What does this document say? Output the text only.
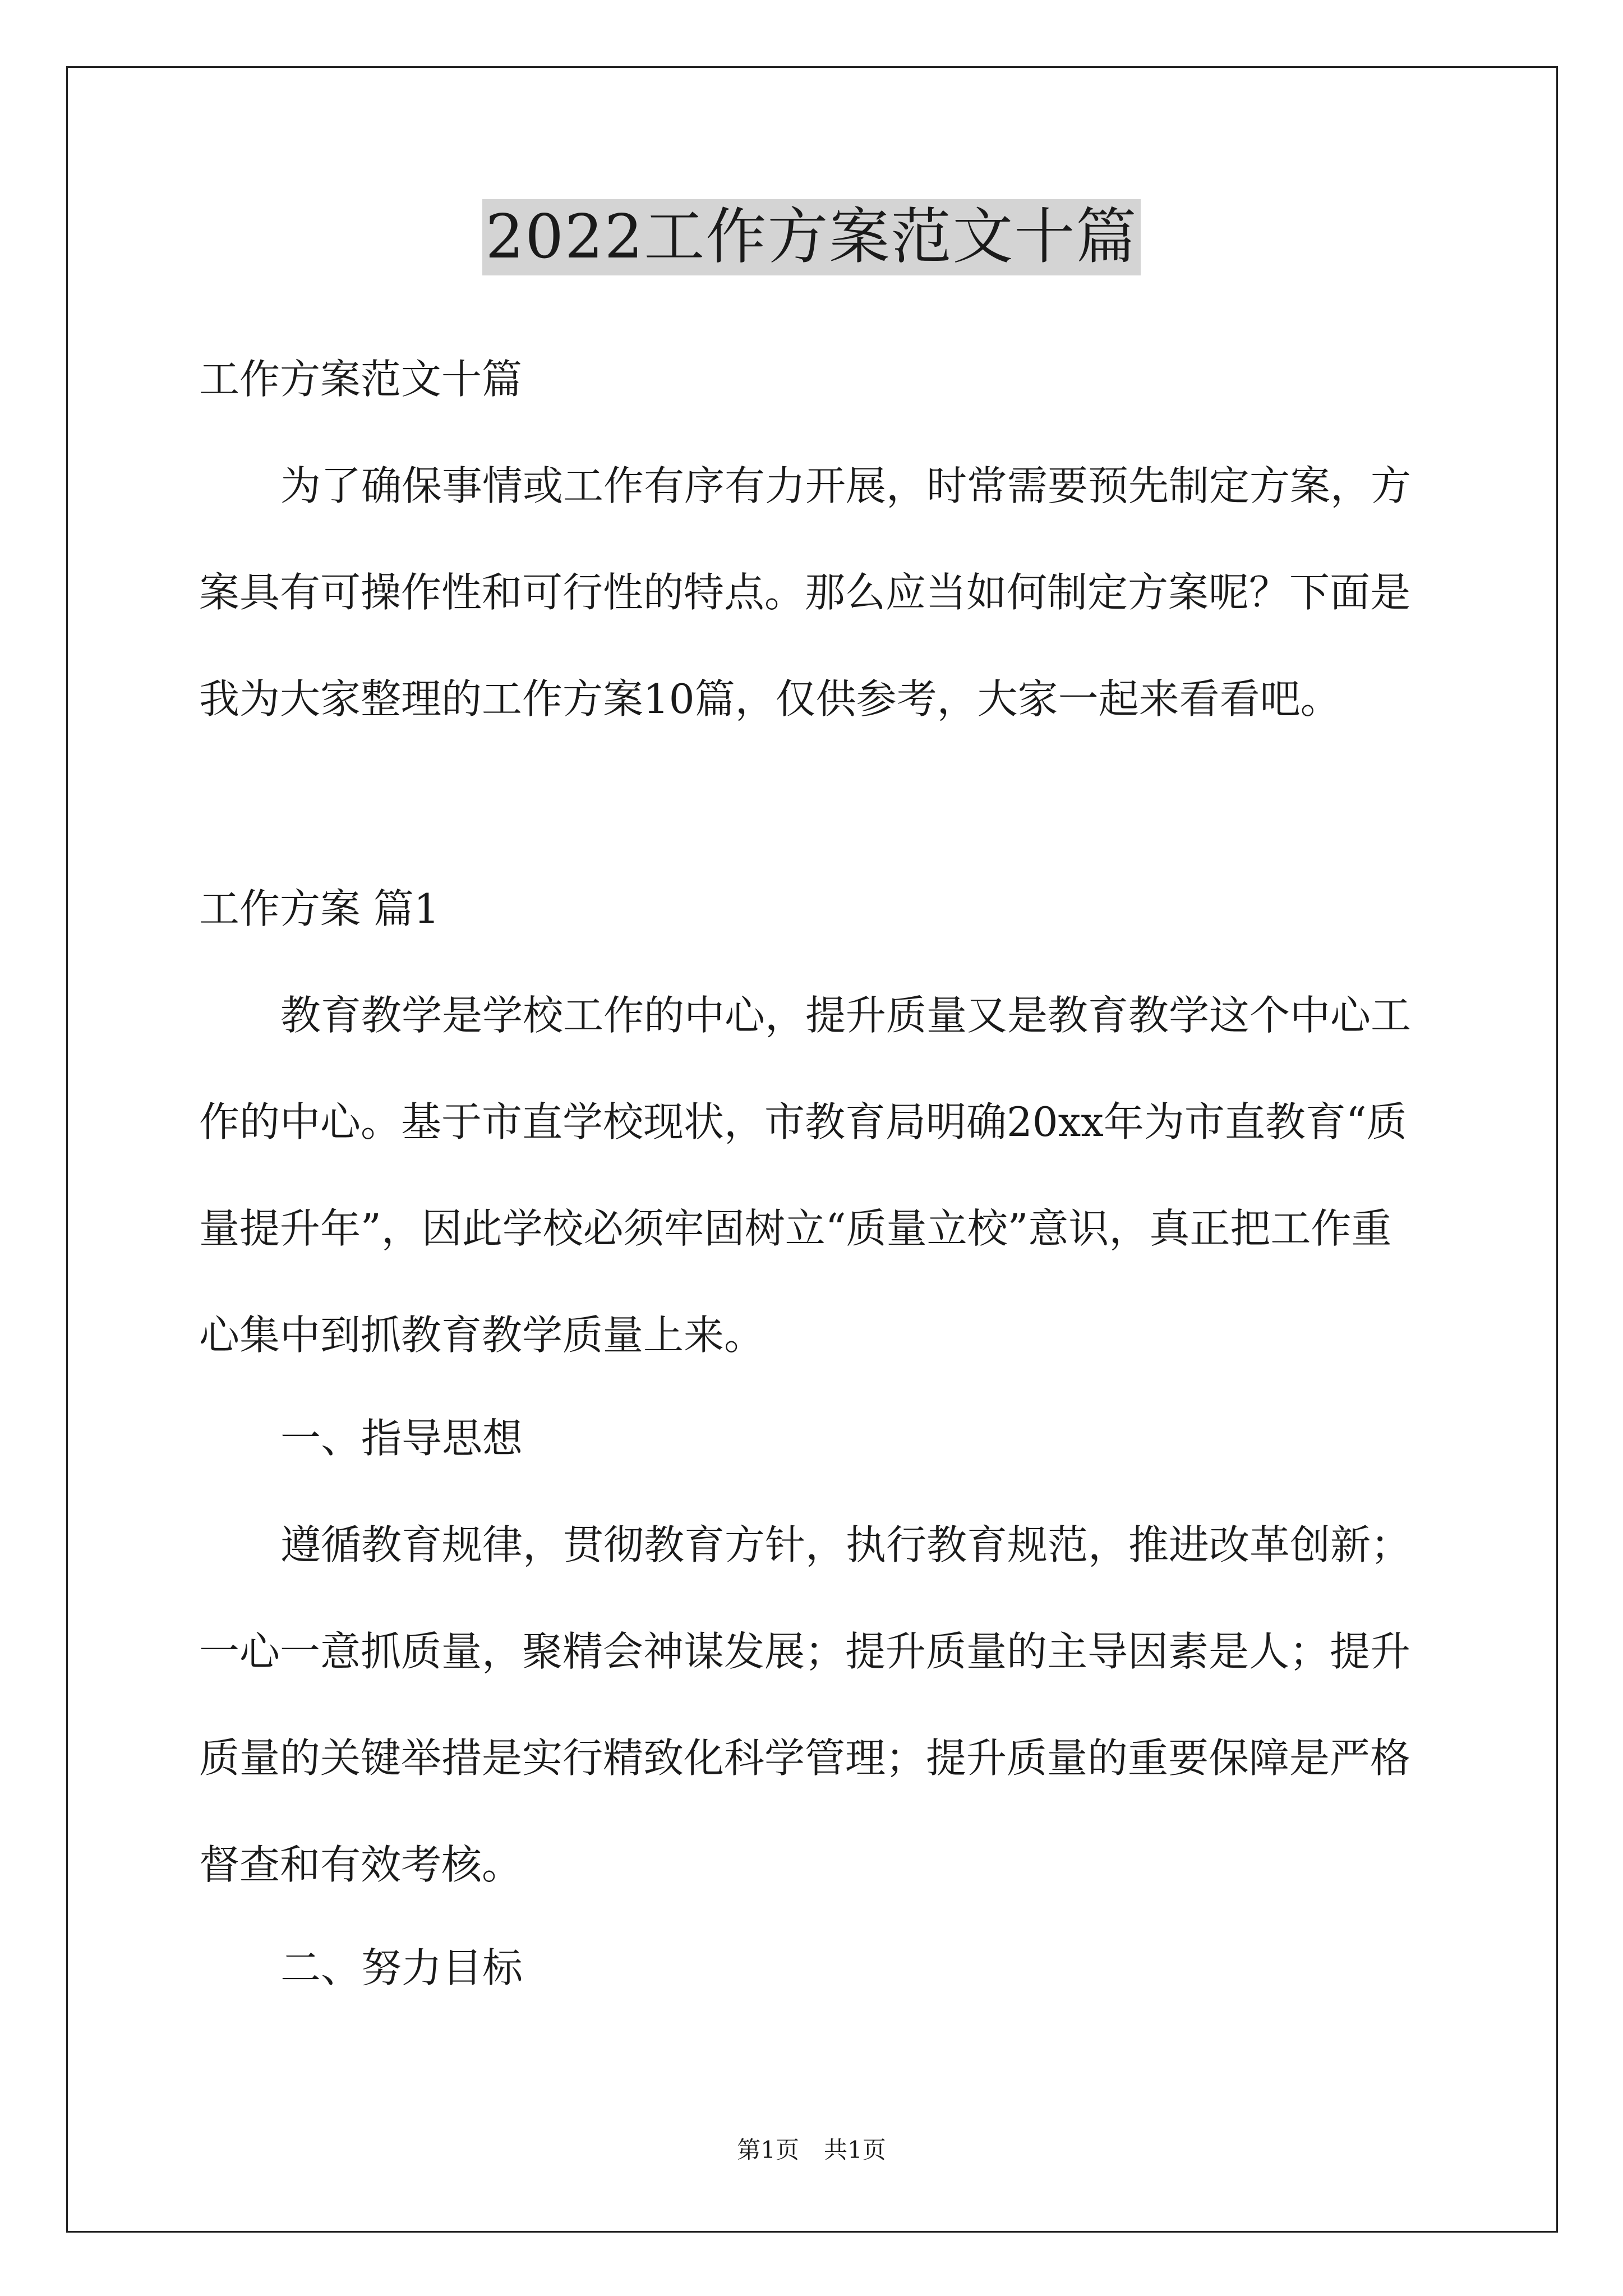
2022工作方案范文十篇

工作方案范文十篇

为了确保事情或工作有序有力开展，时常需要预先制定方案，方
案具有可操作性和可行性的特点。那么应当如何制定方案呢？下面是
我为大家整理的工作方案10篇，仅供参考，大家一起来看看吧。

工作方案 篇1

教育教学是学校工作的中心，提升质量又是教育教学这个中心工
作的中心。基于市直学校现状，市教育局明确20xx年为市直教育“质
量提升年”，因此学校必须牢固树立“质量立校”意识，真正把工作重
心集中到抓教育教学质量上来。

一、指导思想

遵循教育规律，贯彻教育方针，执行教育规范，推进改革创新；
一心一意抓质量，聚精会神谋发展；提升质量的主导因素是人；提升
质量的关键举措是实行精致化科学管理；提升质量的重要保障是严格
督查和有效考核。

二、努力目标

第1页 共1页
